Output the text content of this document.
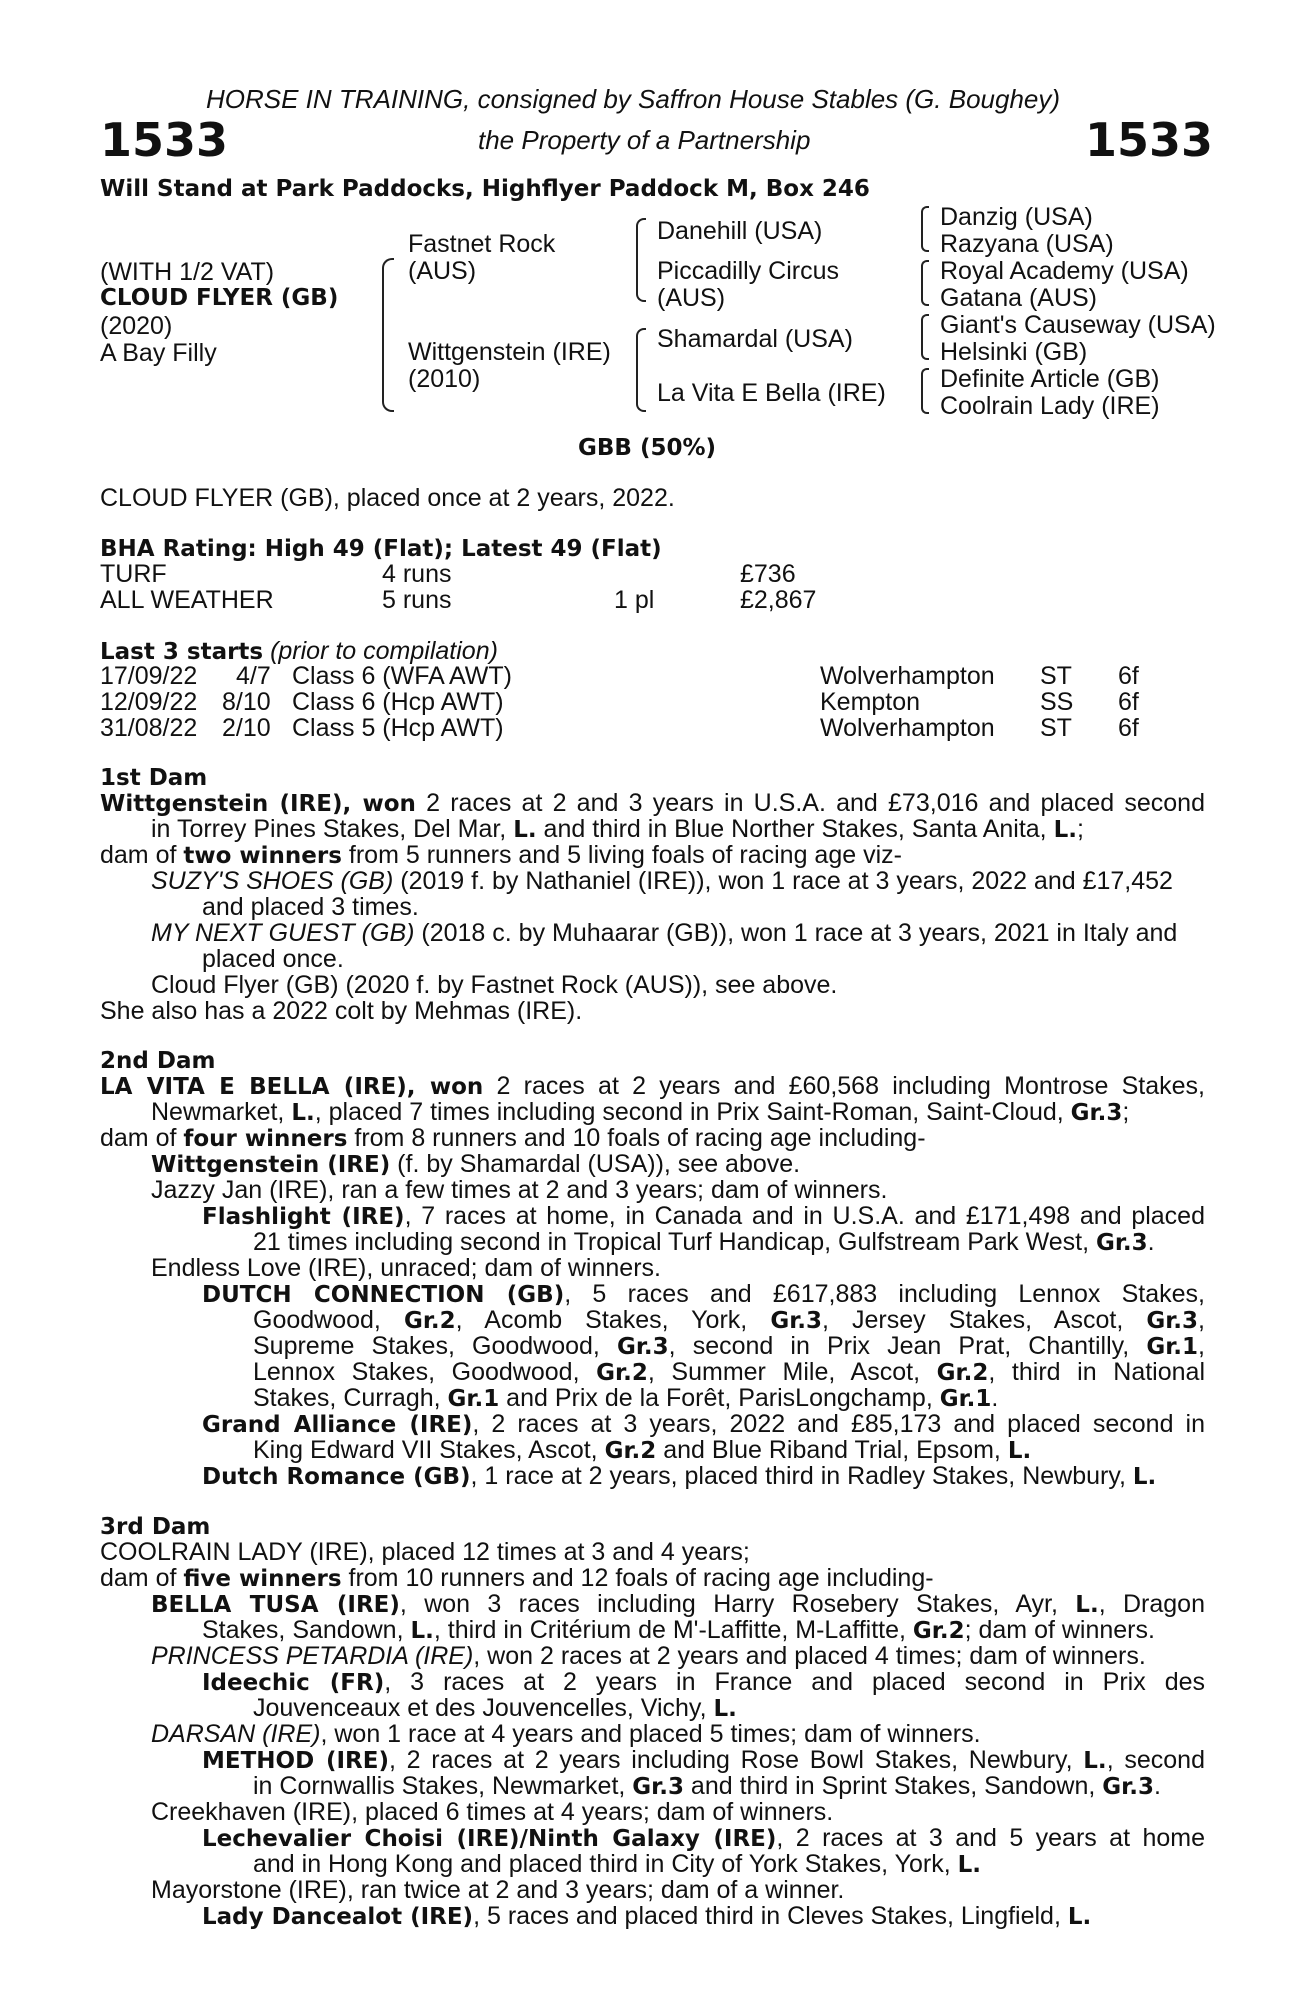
HORSE IN TRAINING, consigned by Saffron House Stables (G. Boughey)
1533	the Property of a Partnership	1533
Will Stand at Park Paddocks, Highflyer Paddock M, Box 246
(WITH 1/2 VAT)
CLOUD FLYER (GB)
(2020)
A Bay Filly
Fastnet Rock
(AUS)
Wittgenstein (IRE)
(2010)
Danehill (USA)
Piccadilly Circus
(AUS)
Shamardal (USA)
La Vita E Bella (IRE)
Danzig (USA)
Razyana (USA)
Royal Academy (USA)
Gatana (AUS)
Giant's Causeway (USA)
Helsinki (GB)
Definite Article (GB)
Coolrain Lady (IRE)
GBB (50%)
CLOUD FLYER (GB), placed once at 2 years, 2022.
BHA Rating: High 49 (Flat); Latest 49 (Flat)
TURF	4 runs	£736
ALL WEATHER	5 runs	1 pl	£2,867
Last 3 starts (prior to compilation)
17/09/22 4/7 Class 6 (WFA AWT)	Wolverhampton ST 6f
12/09/22 8/10 Class 6 (Hcp AWT)	Kempton	SS 6f
31/08/22 2/10 Class 5 (Hcp AWT)	Wolverhampton ST 6f
1st Dam
Wittgenstein (IRE), won 2 races at 2 and 3 years in U.S.A. and £73,016 and placed second
in Torrey Pines Stakes, Del Mar, L. and third in Blue Norther Stakes, Santa Anita, L.;
dam of two winners from 5 runners and 5 living foals of racing age viz-
SUZY'S SHOES (GB) (2019 f. by Nathaniel (IRE)), won 1 race at 3 years, 2022 and £17,452
and placed 3 times.
MY NEXT GUEST (GB) (2018 c. by Muhaarar (GB)), won 1 race at 3 years, 2021 in Italy and
placed once.
Cloud Flyer (GB) (2020 f. by Fastnet Rock (AUS)), see above.
She also has a 2022 colt by Mehmas (IRE).
2nd Dam
LA VITA E BELLA (IRE), won 2 races at 2 years and £60,568 including Montrose Stakes,
Newmarket, L., placed 7 times including second in Prix Saint-Roman, Saint-Cloud, Gr.3;
dam of four winners from 8 runners and 10 foals of racing age including-
Wittgenstein (IRE) (f. by Shamardal (USA)), see above.
Jazzy Jan (IRE), ran a few times at 2 and 3 years; dam of winners.
Flashlight (IRE), 7 races at home, in Canada and in U.S.A. and £171,498 and placed
21 times including second in Tropical Turf Handicap, Gulfstream Park West, Gr.3.
Endless Love (IRE), unraced; dam of winners.
DUTCH CONNECTION (GB), 5 races and £617,883 including Lennox Stakes,
Goodwood, Gr.2, Acomb Stakes, York, Gr.3, Jersey Stakes, Ascot, Gr.3,
Supreme Stakes, Goodwood, Gr.3, second in Prix Jean Prat, Chantilly, Gr.1,
Lennox Stakes, Goodwood, Gr.2, Summer Mile, Ascot, Gr.2, third in National
Stakes, Curragh, Gr.1 and Prix de la Forêt, ParisLongchamp, Gr.1.
Grand Alliance (IRE), 2 races at 3 years, 2022 and £85,173 and placed second in
King Edward VII Stakes, Ascot, Gr.2 and Blue Riband Trial, Epsom, L.
Dutch Romance (GB), 1 race at 2 years, placed third in Radley Stakes, Newbury, L.
3rd Dam
COOLRAIN LADY (IRE), placed 12 times at 3 and 4 years;
dam of five winners from 10 runners and 12 foals of racing age including-
BELLA TUSA (IRE), won 3 races including Harry Rosebery Stakes, Ayr, L., Dragon
Stakes, Sandown, L., third in Critérium de M'-Laffitte, M-Laffitte, Gr.2; dam of winners.
PRINCESS PETARDIA (IRE), won 2 races at 2 years and placed 4 times; dam of winners.
Ideechic (FR), 3 races at 2 years in France and placed second in Prix des
Jouvenceaux et des Jouvencelles, Vichy, L.
DARSAN (IRE), won 1 race at 4 years and placed 5 times; dam of winners.
METHOD (IRE), 2 races at 2 years including Rose Bowl Stakes, Newbury, L., second
in Cornwallis Stakes, Newmarket, Gr.3 and third in Sprint Stakes, Sandown, Gr.3.
Creekhaven (IRE), placed 6 times at 4 years; dam of winners.
Lechevalier Choisi (IRE)/Ninth Galaxy (IRE), 2 races at 3 and 5 years at home
and in Hong Kong and placed third in City of York Stakes, York, L.
Mayorstone (IRE), ran twice at 2 and 3 years; dam of a winner.
Lady Dancealot (IRE), 5 races and placed third in Cleves Stakes, Lingfield, L.
